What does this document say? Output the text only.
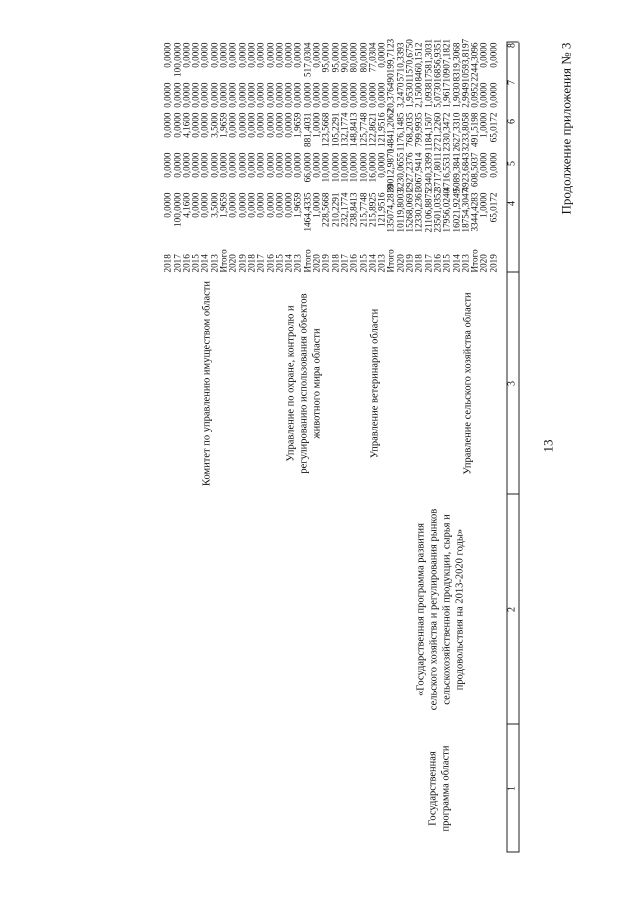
13
Продолжение приложения № 3
1
2
3
4
5
6
7
8
Государственная программа области
«Государственная программа развития сельского хозяйства и регулирования рынков сельскохозяйственной продукции, сырья и продовольствия на 2013-2020 годы»
2019
65,0172
0,0000
65,0172
0,0000
0,0000
2020
1,0000
0,0000
1,0000
0,0000
0,0000
Итого
3344,4283
608,5037
491,5198
0,0952
2244,3096
2013
18754,3047
4923,6843
3233,8058
2,9949
10593,8197
2014
16021,9249
5089,3841
2627,3310
1,9030
8319,3068
2015
17956,0240
4716,5531
2330,3472
1,9617
10907,1821
2016
23501,0352
3717,8011
2721,2260
5,0730
16856,9351
2017
21106,8875
2340,3399
1184,1507
1,0938
17581,3031
2018
12330,2361
3067,9414
799,9935
2,1500
8460,1512
2019
15268,0691
2927,2376
768,2035
1,9530
11570,6750
2020
10119,8003
3230,0655
1176,1485
3,2470
5710,3393
Итого
135074,2819
30012,9870
14841,2062
20,3764
90199,7123
Управление сельского хозяйства области
2013
121,9516
0,0000
121,9516
0,0000
0,0000
2014
215,8925
16,0000
122,8621
0,0000
77,0304
2015
215,7748
10,0000
125,7748
0,0000
80,0000
2016
238,8413
10,0000
148,8413
0,0000
80,0000
2017
232,1774
10,0000
132,1774
0,0000
90,0000
2018
210,2291
10,0000
105,2291
0,0000
95,0000
2019
228,5668
10,0000
123,5668
0,0000
95,0000
2020
1,0000
0,0000
1,0000
0,0000
0,0000
Итого
1464,4335
66,0000
881,4031
0,0000
517,0304
Управление ветеринарии области
2013
1,9659
0,0000
1,9659
0,0000
0,0000
2014
0,0000
0,0000
0,0000
0,0000
0,0000
2015
0,0000
0,0000
0,0000
0,0000
0,0000
2016
0,0000
0,0000
0,0000
0,0000
0,0000
2017
0,0000
0,0000
0,0000
0,0000
0,0000
2018
0,0000
0,0000
0,0000
0,0000
0,0000
2019
0,0000
0,0000
0,0000
0,0000
0,0000
2020
0,0000
0,0000
0,0000
0,0000
0,0000
Итого
1,9659
0,0000
1,9659
0,0000
0,0000
Управление по охране, контролю и регулированию использования объектов животного мира области
2013
3,5000
0,0000
3,5000
0,0000
0,0000
2014
0,0000
0,0000
0,0000
0,0000
0,0000
2015
0,0000
0,0000
0,0000
0,0000
0,0000
2016
4,1600
0,0000
4,1600
0,0000
0,0000
2017
100,0000
0,0000
0,0000
0,0000
100,0000
2018
0,0000
0,0000
0,0000
0,0000
0,0000
Комитет по управлению имуществом области
